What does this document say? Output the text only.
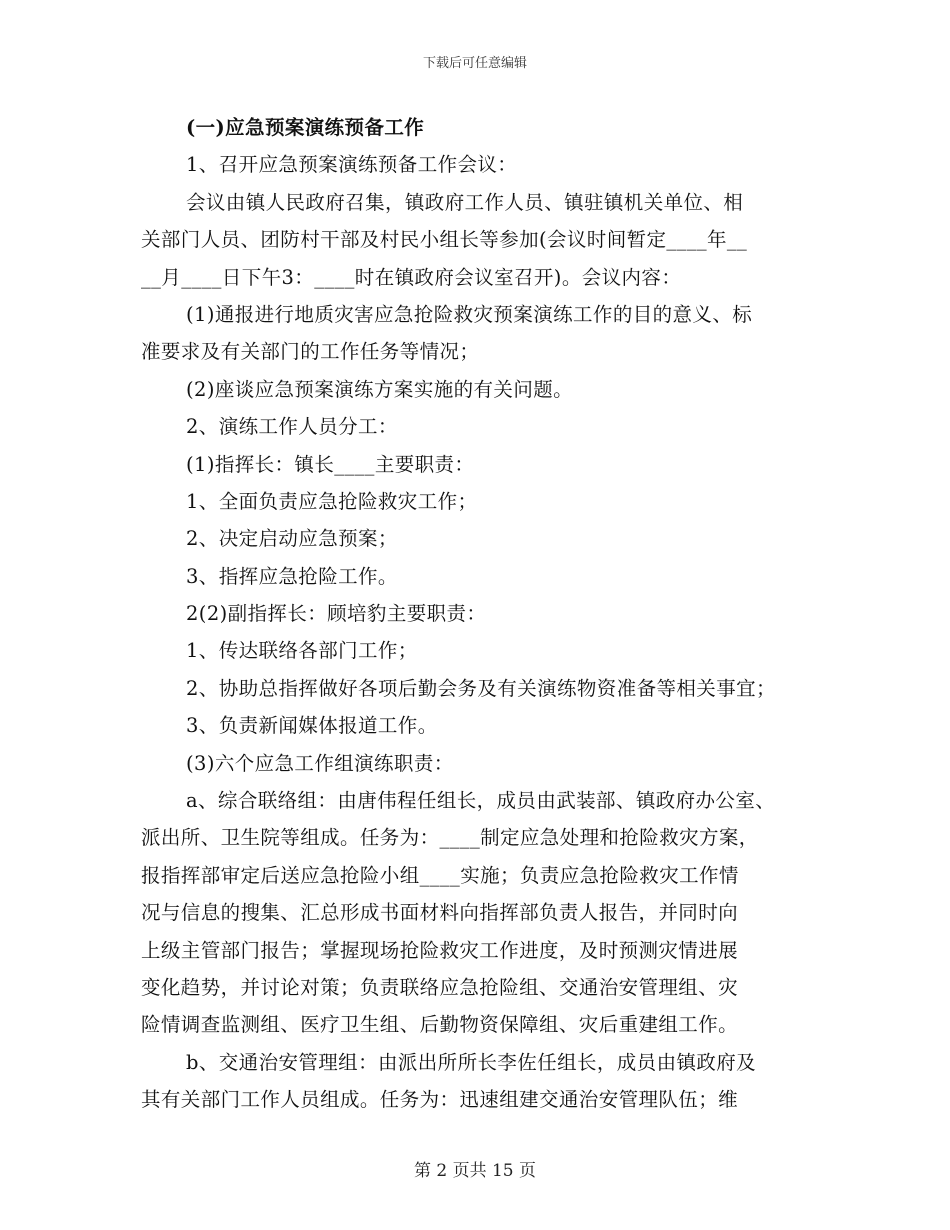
下载后可任意编辑
(一)应急预案演练预备工作
1、召开应急预案演练预备工作会议：
会议由镇人民政府召集，镇政府工作人员、镇驻镇机关单位、相
关部门人员、团防村干部及村民小组长等参加(会议时间暂定____年__
__月____日下午3：____时在镇政府会议室召开)。会议内容：
(1)通报进行地质灾害应急抢险救灾预案演练工作的目的意义、标
准要求及有关部门的工作任务等情况；
(2)座谈应急预案演练方案实施的有关问题。
2、演练工作人员分工：
(1)指挥长：镇长____主要职责：
1、全面负责应急抢险救灾工作；
2、决定启动应急预案；
3、指挥应急抢险工作。
2(2)副指挥长：顾培豹主要职责：
1、传达联络各部门工作；
2、协助总指挥做好各项后勤会务及有关演练物资准备等相关事宜；
3、负责新闻媒体报道工作。
(3)六个应急工作组演练职责：
a、综合联络组：由唐伟程任组长，成员由武装部、镇政府办公室、
派出所、卫生院等组成。任务为：____制定应急处理和抢险救灾方案，
报指挥部审定后送应急抢险小组____实施；负责应急抢险救灾工作情
况与信息的搜集、汇总形成书面材料向指挥部负责人报告，并同时向
上级主管部门报告；掌握现场抢险救灾工作进度，及时预测灾情进展
变化趋势，并讨论对策；负责联络应急抢险组、交通治安管理组、灾
险情调查监测组、医疗卫生组、后勤物资保障组、灾后重建组工作。
b、交通治安管理组：由派出所所长李佐任组长，成员由镇政府及
其有关部门工作人员组成。任务为：迅速组建交通治安管理队伍；维
第 2 页共 15 页
